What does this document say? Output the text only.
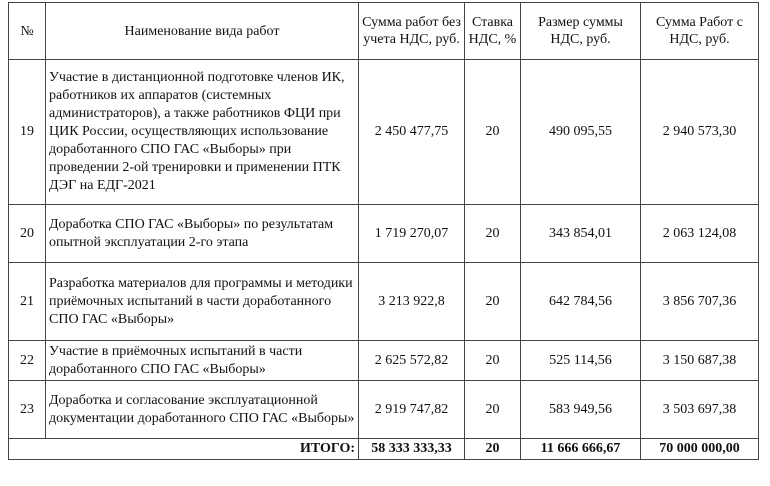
№	Наименование вида работ	Сумма работ без учета НДС, руб.	Ставка НДС, %	Размер суммы НДС, руб.	Сумма Работ с НДС, руб.
19	Участие в дистанционной подготовке членов ИК, работников их аппаратов (системных администраторов), а также работников ФЦИ при ЦИК России, осуществляющих использование доработанного СПО ГАС «Выборы» при проведении 2-ой тренировки и применении ПТК ДЭГ на ЕДГ-2021	2 450 477,75	20	490 095,55	2 940 573,30
20	Доработка СПО ГАС «Выборы» по результатам опытной эксплуатации 2-го этапа	1 719 270,07	20	343 854,01	2 063 124,08
21	Разработка материалов для программы и методики приёмочных испытаний в части доработанного СПО ГАС «Выборы»	3 213 922,8	20	642 784,56	3 856 707,36
22	Участие в приёмочных испытаний в части доработанного СПО ГАС «Выборы»	2 625 572,82	20	525 114,56	3 150 687,38
23	Доработка и согласование эксплуатационной документации доработанного СПО ГАС «Выборы»	2 919 747,82	20	583 949,56	3 503 697,38
ИТОГО:		58 333 333,33	20	11 666 666,67	70 000 000,00
